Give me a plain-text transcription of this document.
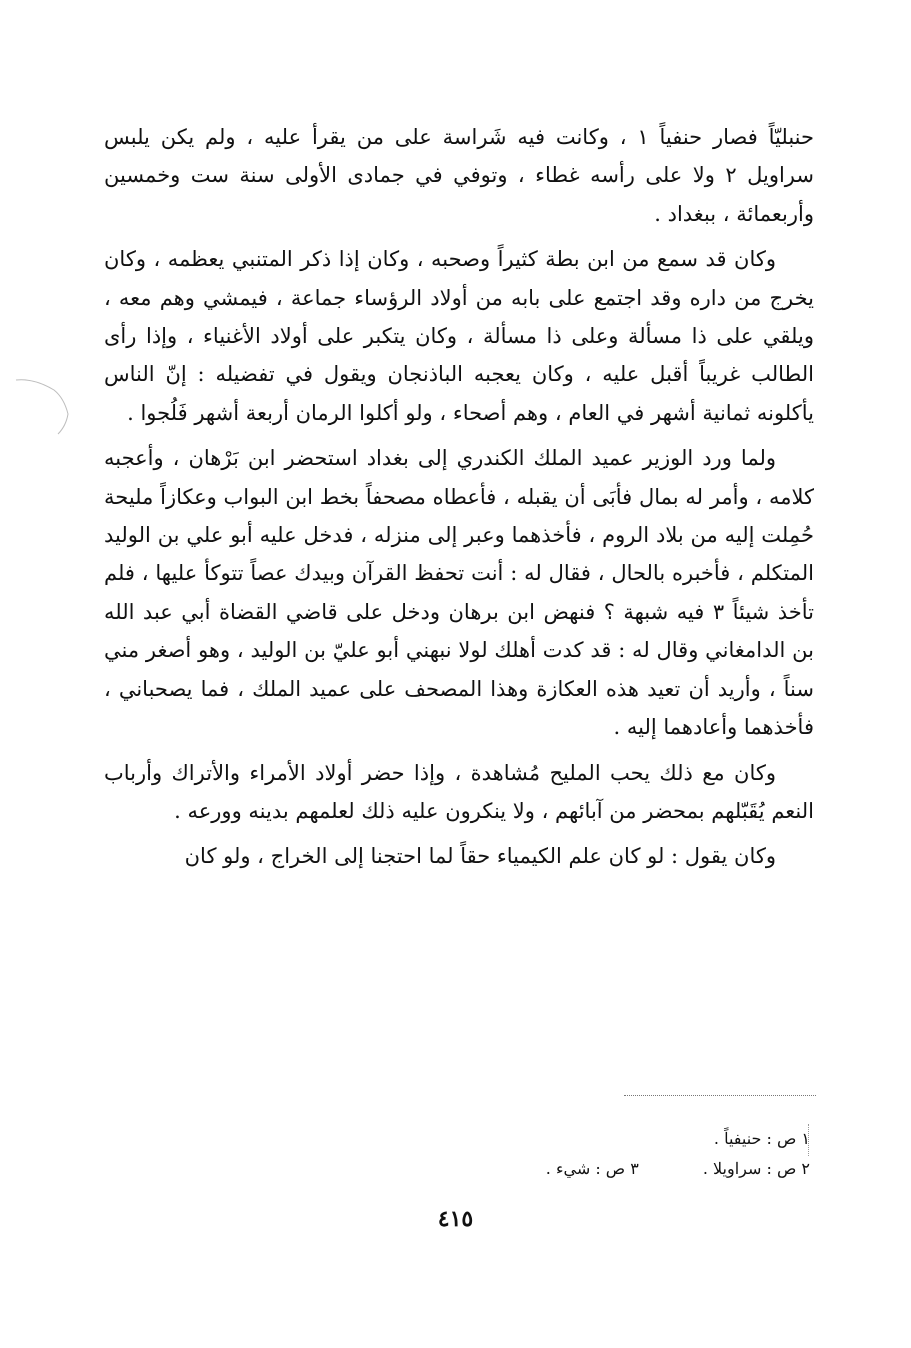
حنبليّاً فصار حنفياً ١ ، وكانت فيه شَراسة على من يقرأ عليه ، ولم يكن يلبس سراويل ٢ ولا على رأسه غطاء ، وتوفي في جمادى الأولى سنة ست وخمسين وأربعمائة ، ببغداد .

وكان قد سمع من ابن بطة كثيراً وصحبه ، وكان إذا ذكر المتنبي يعظمه ، وكان يخرج من داره وقد اجتمع على بابه من أولاد الرؤساء جماعة ، فيمشي وهم معه ، ويلقي على ذا مسألة وعلى ذا مسألة ، وكان يتكبر على أولاد الأغنياء ، وإذا رأى الطالب غريباً أقبل عليه ، وكان يعجبه الباذنجان ويقول في تفضيله : إنّ الناس يأكلونه ثمانية أشهر في العام ، وهم أصحاء ، ولو أكلوا الرمان أربعة أشهر فَلُجوا .

ولما ورد الوزير عميد الملك الكندري إلى بغداد استحضر ابن بَرْهان ، وأعجبه كلامه ، وأمر له بمال فأبَى أن يقبله ، فأعطاه مصحفاً بخط ابن البواب وعكازاً مليحة حُمِلت إليه من بلاد الروم ، فأخذهما وعبر إلى منزله ، فدخل عليه أبو علي بن الوليد المتكلم ، فأخبره بالحال ، فقال له : أنت تحفظ القرآن وبيدك عصاً تتوكأ عليها ، فلم تأخذ شيئاً ٣ فيه شبهة ؟ فنهض ابن برهان ودخل على قاضي القضاة أبي عبد الله بن الدامغاني وقال له : قد كدت أهلك لولا نبهني أبو عليّ بن الوليد ، وهو أصغر مني سناً ، وأريد أن تعيد هذه العكازة وهذا المصحف على عميد الملك ، فما يصحباني ، فأخذهما وأعادهما إليه .

وكان مع ذلك يحب المليح مُشاهدة ، وإذا حضر أولاد الأمراء والأتراك وأرباب النعم يُقَبّلهم بمحضر من آبائهم ، ولا ينكرون عليه ذلك لعلمهم بدينه وورعه .

وكان يقول : لو كان علم الكيمياء حقاً لما احتجنا إلى الخراج ، ولو كان

١ ص : حنيفياً .
٢ ص : سراويلا .
٣ ص : شيء .
٤١٥
